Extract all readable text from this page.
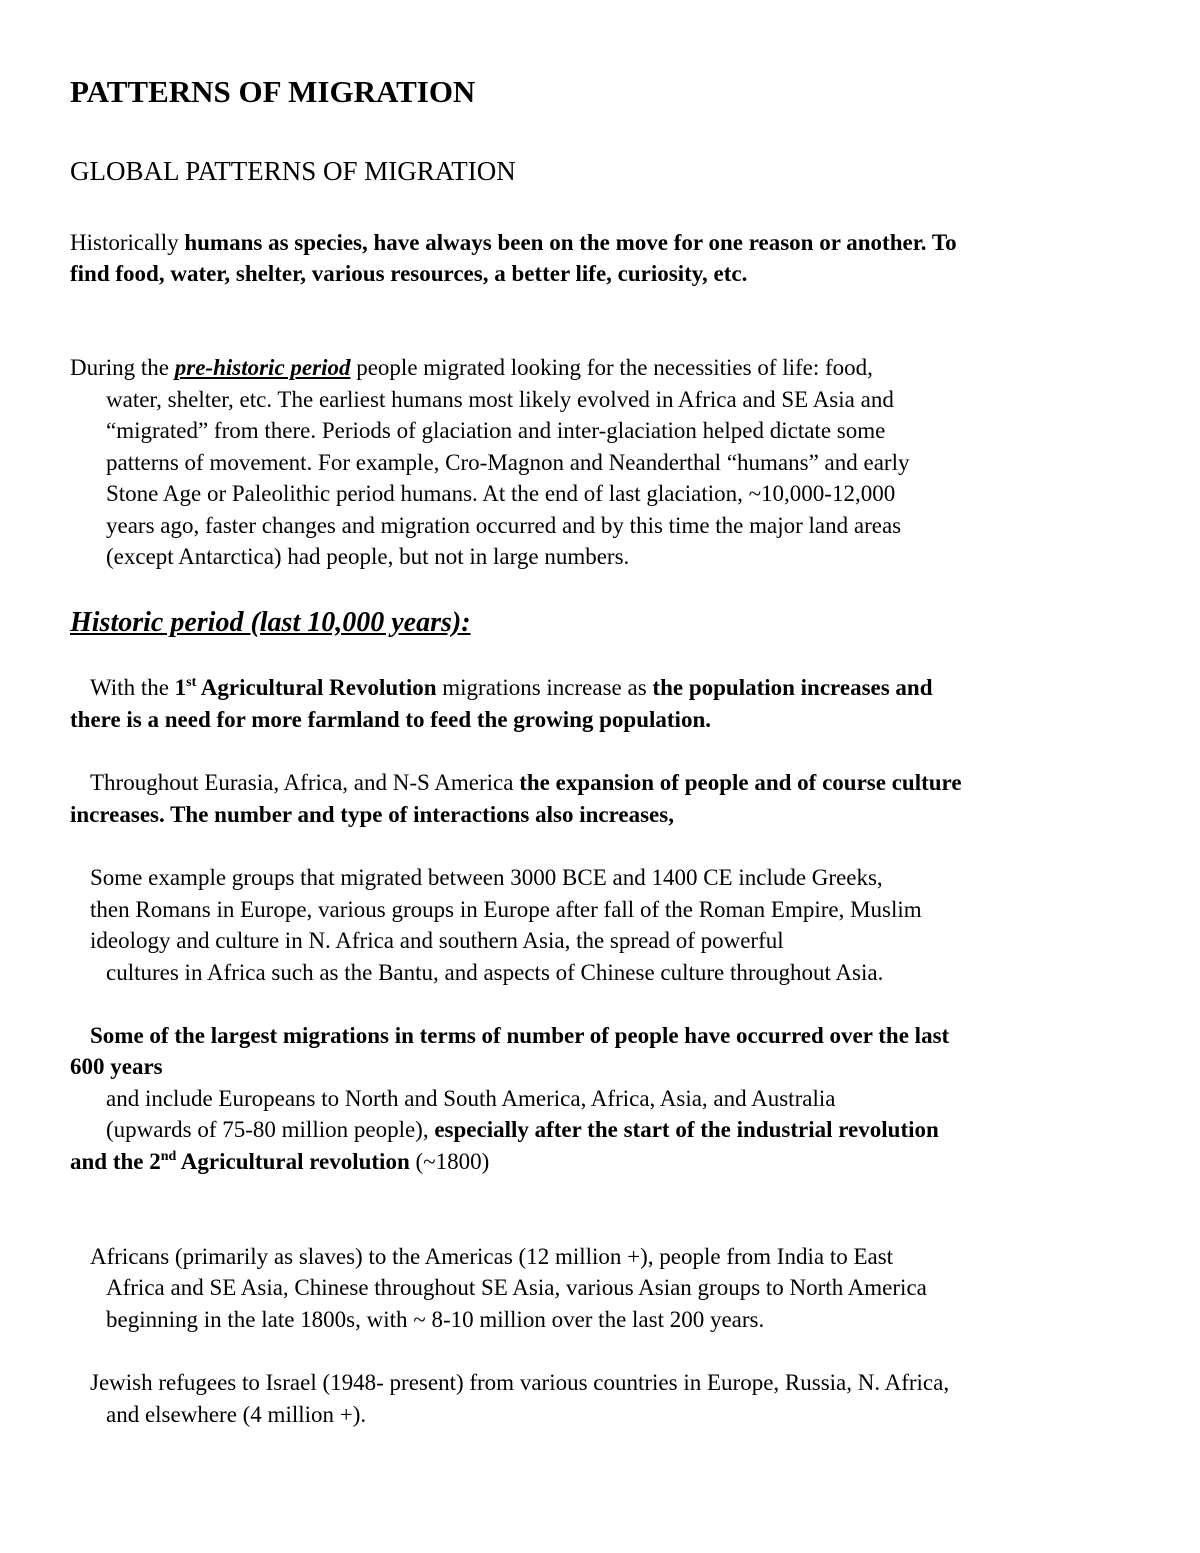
PATTERNS OF MIGRATION
GLOBAL PATTERNS OF MIGRATION
Historically humans as species, have always been on the move for one reason or another. To
find food, water, shelter, various resources, a better life, curiosity, etc.
During the pre-historic period people migrated looking for the necessities of life: food,
water, shelter, etc. The earliest humans most likely evolved in Africa and SE Asia and
“migrated” from there. Periods of glaciation and inter-glaciation helped dictate some
patterns of movement. For example, Cro-Magnon and Neanderthal “humans” and early
Stone Age or Paleolithic period humans. At the end of last glaciation, ~10,000-12,000
years ago, faster changes and migration occurred and by this time the major land areas
(except Antarctica) had people, but not in large numbers.
Historic period (last 10,000 years):
With the 1st Agricultural Revolution migrations increase as the population increases and
there is a need for more farmland to feed the growing population.
Throughout Eurasia, Africa, and N-S America the expansion of people and of course culture
increases. The number and type of interactions also increases,
Some example groups that migrated between 3000 BCE and 1400 CE include Greeks,
then Romans in Europe, various groups in Europe after fall of the Roman Empire, Muslim
ideology and culture in N. Africa and southern Asia, the spread of powerful
cultures in Africa such as the Bantu, and aspects of Chinese culture throughout Asia.
Some of the largest migrations in terms of number of people have occurred over the last
600 years
and include Europeans to North and South America, Africa, Asia, and Australia
(upwards of 75-80 million people), especially after the start of the industrial revolution
and the 2nd Agricultural revolution (~1800)
Africans (primarily as slaves) to the Americas (12 million +), people from India to East
Africa and SE Asia, Chinese throughout SE Asia, various Asian groups to North America
beginning in the late 1800s, with ~ 8-10 million over the last 200 years.
Jewish refugees to Israel (1948- present) from various countries in Europe, Russia, N. Africa,
and elsewhere (4 million +).
